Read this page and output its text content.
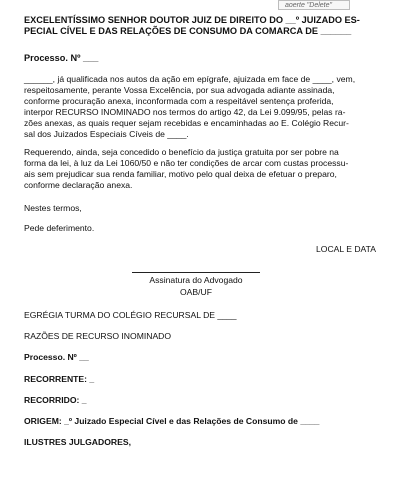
aoerte "Delete"
EXCELENTÍSSIMO SENHOR DOUTOR JUIZ DE DIREITO DO __º JUIZADO ES-
PECIAL CÍVEL E DAS RELAÇÕES DE CONSUMO DA COMARCA DE ______
Processo. Nº ___
______, já qualificada nos autos da ação em epígrafe, ajuizada em face de ____, vem,
respeitosamente, perante Vossa Excelência, por sua advogada adiante assinada,
conforme procuração anexa, inconformada com a respeitável sentença proferida,
interpor RECURSO INOMINADO nos termos do artigo 42, da Lei 9.099/95, pelas ra-
zões anexas, as quais requer sejam recebidas e encaminhadas ao E. Colégio Recur-
sal dos Juizados Especiais Cíveis de ____.
Requerendo, ainda, seja concedido o benefício da justiça gratuita por ser pobre na
forma da lei, à luz da Lei 1060/50 e não ter condições de arcar com custas processu-
ais sem prejudicar sua renda familiar, motivo pelo qual deixa de efetuar o preparo,
conforme declaração anexa.
Nestes termos,
Pede deferimento.
LOCAL E DATA
Assinatura do Advogado
OAB/UF
EGRÉGIA TURMA DO COLÉGIO RECURSAL DE ____
RAZÕES DE RECURSO INOMINADO
Processo. Nº __
RECORRENTE: _
RECORRIDO: _
ORIGEM: _º Juizado Especial Cível e das Relações de Consumo de ____
ILUSTRES JULGADORES,
